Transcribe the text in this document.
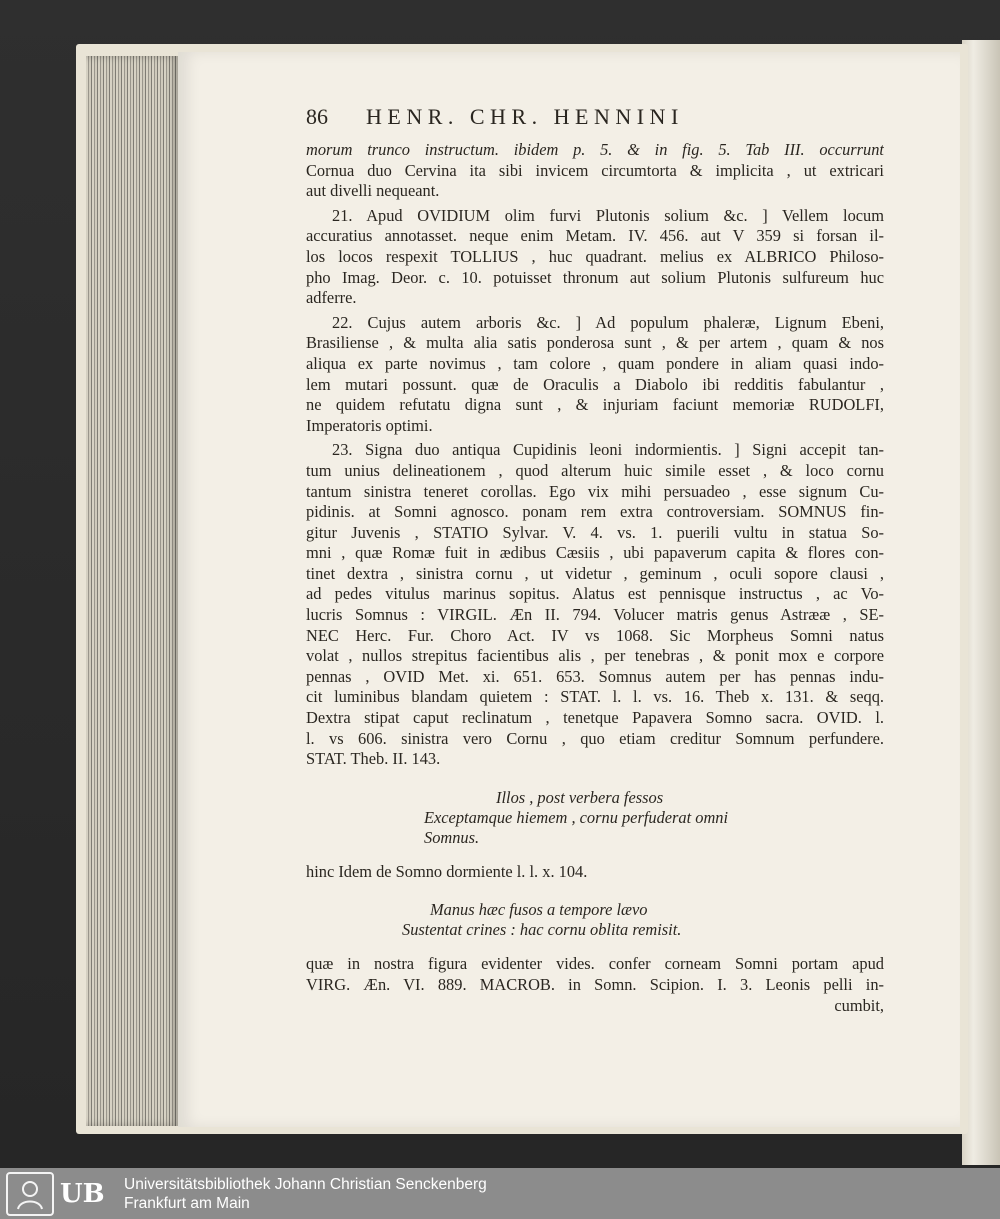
86	HENR. CHR. HENNINI
morum trunco instructum. ibidem p. 5. & in fig. 5. Tab III. occurrunt
Cornua duo Cervina ita sibi invicem circumtorta & implicita , ut extricari
aut divelli nequeant.
21. Apud OVIDIUM olim furvi Plutonis solium &c. ] Vellem locum
accuratius annotasset. neque enim Metam. IV. 456. aut V 359 si forsan il-
los locos respexit TOLLIUS , huc quadrant. melius ex ALBRICO Philoso-
pho Imag. Deor. c. 10. potuisset thronum aut solium Plutonis sulfureum huc
adferre.
22. Cujus autem arboris &c. ] Ad populum phaleræ, Lignum Ebeni,
Brasiliense , & multa alia satis ponderosa sunt , & per artem , quam & nos
aliqua ex parte novimus , tam colore , quam pondere in aliam quasi indo-
lem mutari possunt. quæ de Oraculis a Diabolo ibi redditis fabulantur ,
ne quidem refutatu digna sunt , & injuriam faciunt memoriæ RUDOLFI,
Imperatoris optimi.
23. Signa duo antiqua Cupidinis leoni indormientis. ] Signi accepit tan-
tum unius delineationem , quod alterum huic simile esset , & loco cornu
tantum sinistra teneret corollas. Ego vix mihi persuadeo , esse signum Cu-
pidinis. at Somni agnosco. ponam rem extra controversiam. SOMNUS fin-
gitur Juvenis , STATIO Sylvar. V. 4. vs. 1. puerili vultu in statua So-
mni , quæ Romæ fuit in ædibus Cæsiis , ubi papaverum capita & flores con-
tinet dextra , sinistra cornu , ut videtur , geminum , oculi sopore clausi ,
ad pedes vitulus marinus sopitus. Alatus est pennisque instructus , ac Vo-
lucris Somnus : VIRGIL. Æn II. 794. Volucer matris genus Astrææ , SE-
NEC Herc. Fur. Choro Act. IV vs 1068. Sic Morpheus Somni natus
volat , nullos strepitus facientibus alis , per tenebras , & ponit mox e corpore
pennas , OVID Met. xi. 651. 653. Somnus autem per has pennas indu-
cit luminibus blandam quietem : STAT. l. l. vs. 16. Theb x. 131. & seqq.
Dextra stipat caput reclinatum , tenetque Papavera Somno sacra. OVID. l.
l. vs 606. sinistra vero Cornu , quo etiam creditur Somnum perfundere.
STAT. Theb. II. 143.
Illos , post verbera fessos
Exceptamque hiemem , cornu perfuderat omni
Somnus.
hinc Idem de Somno dormiente l. l. x. 104.
Manus hæc fusos a tempore lævo
Sustentat crines : hac cornu oblita remisit.
quæ in nostra figura evidenter vides. confer corneam Somni portam apud
VIRG. Æn. VI. 889. MACROB. in Somn. Scipion. I. 3. Leonis pelli in-
cumbit,
UB Universitätsbibliothek Johann Christian Senckenberg
Frankfurt am Main
